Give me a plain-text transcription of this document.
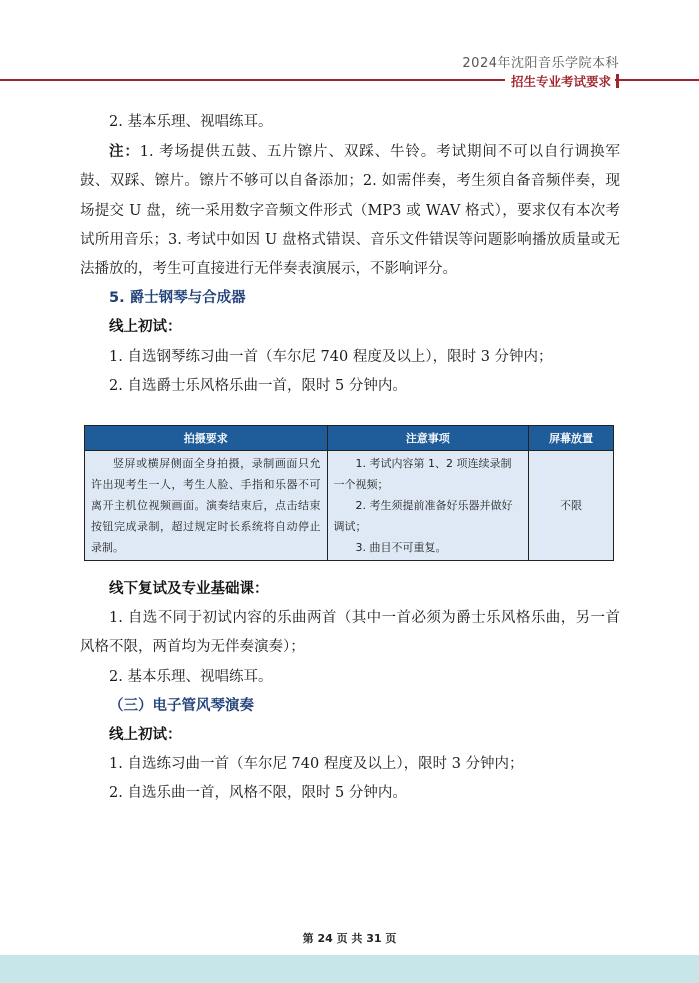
2024年沈阳音乐学院本科
招生专业考试要求

2. 基本乐理、视唱练耳。

注：1. 考场提供五鼓、五片镲片、双踩、牛铃。考试期间不可以自行调换军鼓、双踩、镲片。镲片不够可以自备添加；2. 如需伴奏，考生须自备音频伴奏，现场提交 U 盘，统一采用数字音频文件形式（MP3 或 WAV 格式），要求仅有本次考试所用音乐；3. 考试中如因 U 盘格式错误、音乐文件错误等问题影响播放质量或无法播放的，考生可直接进行无伴奏表演展示，不影响评分。

5. 爵士钢琴与合成器

线上初试：

1. 自选钢琴练习曲一首（车尔尼 740 程度及以上），限时 3 分钟内；

2. 自选爵士乐风格乐曲一首，限时 5 分钟内。

拍摄要求	注意事项	屏幕放置
竖屏或横屏侧面全身拍摄，录制画面只允许出现考生一人，考生人脸、手指和乐器不可离开主机位视频画面。演奏结束后，点击结束按钮完成录制，超过规定时长系统将自动停止录制。	1. 考试内容第 1、2 项连续录制一个视频；
2. 考生须提前准备好乐器并做好调试；
3. 曲目不可重复。	不限

线下复试及专业基础课：

1. 自选不同于初试内容的乐曲两首（其中一首必须为爵士乐风格乐曲，另一首风格不限，两首均为无伴奏演奏）；

2. 基本乐理、视唱练耳。

（三）电子管风琴演奏

线上初试：

1. 自选练习曲一首（车尔尼 740 程度及以上），限时 3 分钟内；

2. 自选乐曲一首，风格不限，限时 5 分钟内。

第 24 页 共 31 页
